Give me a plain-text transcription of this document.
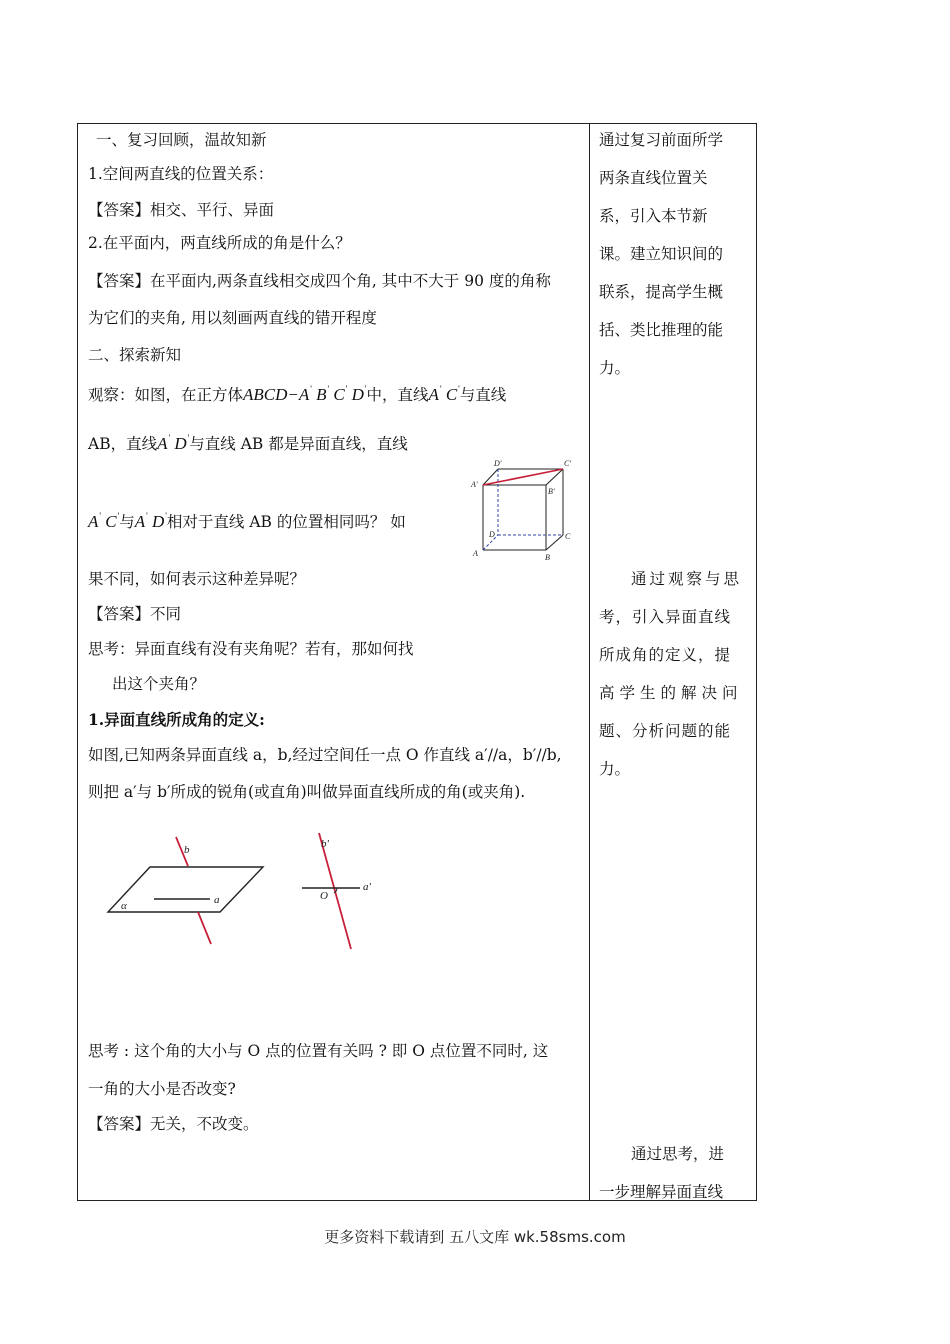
一、复习回顾，温故知新
1.空间两直线的位置关系：
【答案】相交、平行、异面
2.在平面内，两直线所成的角是什么？
【答案】在平面内,两条直线相交成四个角, 其中不大于 90 度的角称
为它们的夹角, 用以刻画两直线的错开程度
二、探索新知
观察：如图，在正方体ABCD−A' B' C' D'中，直线A' C'与直线
AB，直线A' D'与直线 AB 都是异面直线，直线
A' C'与A' D'相对于直线 AB 的位置相同吗？ 如
D'	C'
A'
B'
D	C
A	B
果不同，如何表示这种差异呢？
【答案】不同
思考：异面直线有没有夹角呢？若有，那如何找
出这个夹角？
1.异面直线所成角的定义:
如图,已知两条异面直线 a，b,经过空间任一点 O 作直线 a′//a，b′//b,
则把 a′与 b′所成的锐角(或直角)叫做异面直线所成的角(或夹角).
b
a
α
b'
a'
O
思考 : 这个角的大小与 O 点的位置有关吗 ? 即 O 点位置不同时, 这
一角的大小是否改变?
【答案】无关，不改变。
通过复习前面所学
两条直线位置关
系，引入本节新
课。建立知识间的
联系，提高学生概
括、类比推理的能
力。
通过观察与思
考，引入异面直线
所成角的定义，提
高学生的解决问
题、分析问题的能
力。
通过思考，进
一步理解异面直线
更多资料下载请到 五八文库 wk.58sms.com
